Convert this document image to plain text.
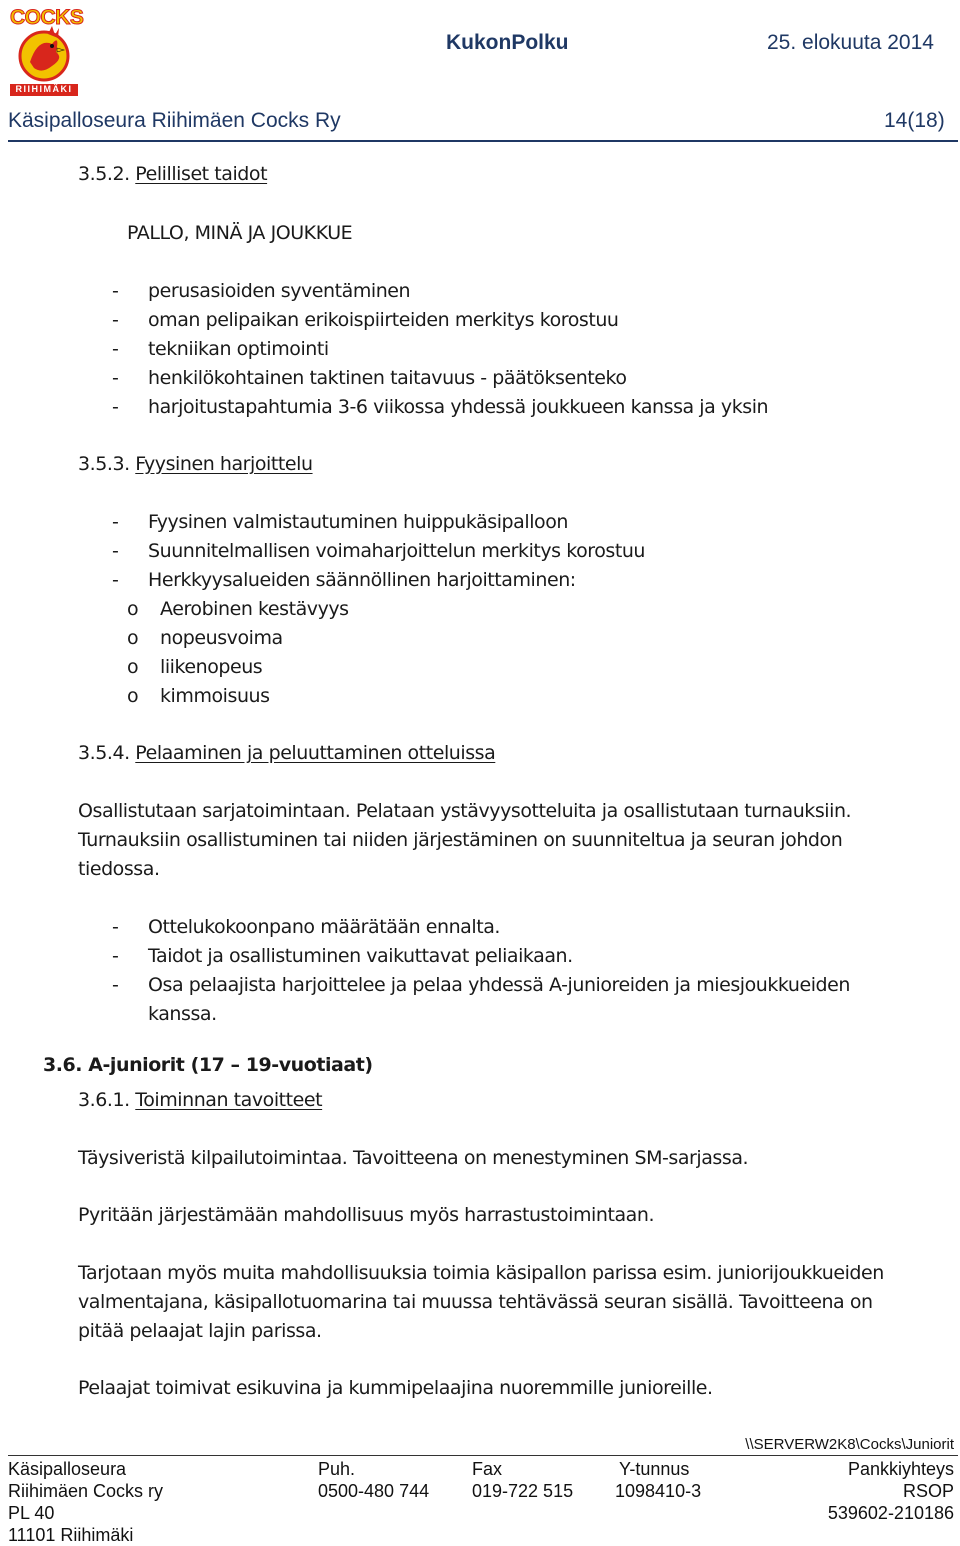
COCKS
RIIHIMÄKI
KukonPolku	25. elokuuta 2014
Käsipalloseura Riihimäen Cocks Ry	14(18)
3.5.2. Pelilliset taidot
PALLO, MINÄ JA JOUKKUE
- perusasioiden syventäminen
- oman pelipaikan erikoispiirteiden merkitys korostuu
- tekniikan optimointi
- henkilökohtainen taktinen taitavuus - päätöksenteko
- harjoitustapahtumia 3-6 viikossa yhdessä joukkueen kanssa ja yksin
3.5.3. Fyysinen harjoittelu
- Fyysinen valmistautuminen huippukäsipalloon
- Suunnitelmallisen voimaharjoittelun merkitys korostuu
- Herkkyysalueiden säännöllinen harjoittaminen:
o Aerobinen kestävyys
o nopeusvoima
o liikenopeus
o kimmoisuus
3.5.4. Pelaaminen ja peluuttaminen otteluissa
Osallistutaan sarjatoimintaan. Pelataan ystävyysotteluita ja osallistutaan turnauksiin.
Turnauksiin osallistuminen tai niiden järjestäminen on suunniteltua ja seuran johdon
tiedossa.
- Ottelukokoonpano määrätään ennalta.
- Taidot ja osallistuminen vaikuttavat peliaikaan.
- Osa pelaajista harjoittelee ja pelaa yhdessä A-junioreiden ja miesjoukkueiden
kanssa.
3.6. A-juniorit (17 – 19-vuotiaat)
3.6.1. Toiminnan tavoitteet
Täysiveristä kilpailutoimintaa. Tavoitteena on menestyminen SM-sarjassa.
Pyritään järjestämään mahdollisuus myös harrastustoimintaan.
Tarjotaan myös muita mahdollisuuksia toimia käsipallon parissa esim. juniorijoukkueiden
valmentajana, käsipallotuomarina tai muussa tehtävässä seuran sisällä. Tavoitteena on
pitää pelaajat lajin parissa.
Pelaajat toimivat esikuvina ja kummipelaajina nuoremmille junioreille.
\\SERVERW2K8\Cocks\Juniorit
Käsipalloseura
Riihimäen Cocks ry
PL 40
11101 Riihimäki
Puh.
0500-480 744
Fax
019-722 515
Y-tunnus
1098410-3
Pankkiyhteys
RSOP
539602-210186
